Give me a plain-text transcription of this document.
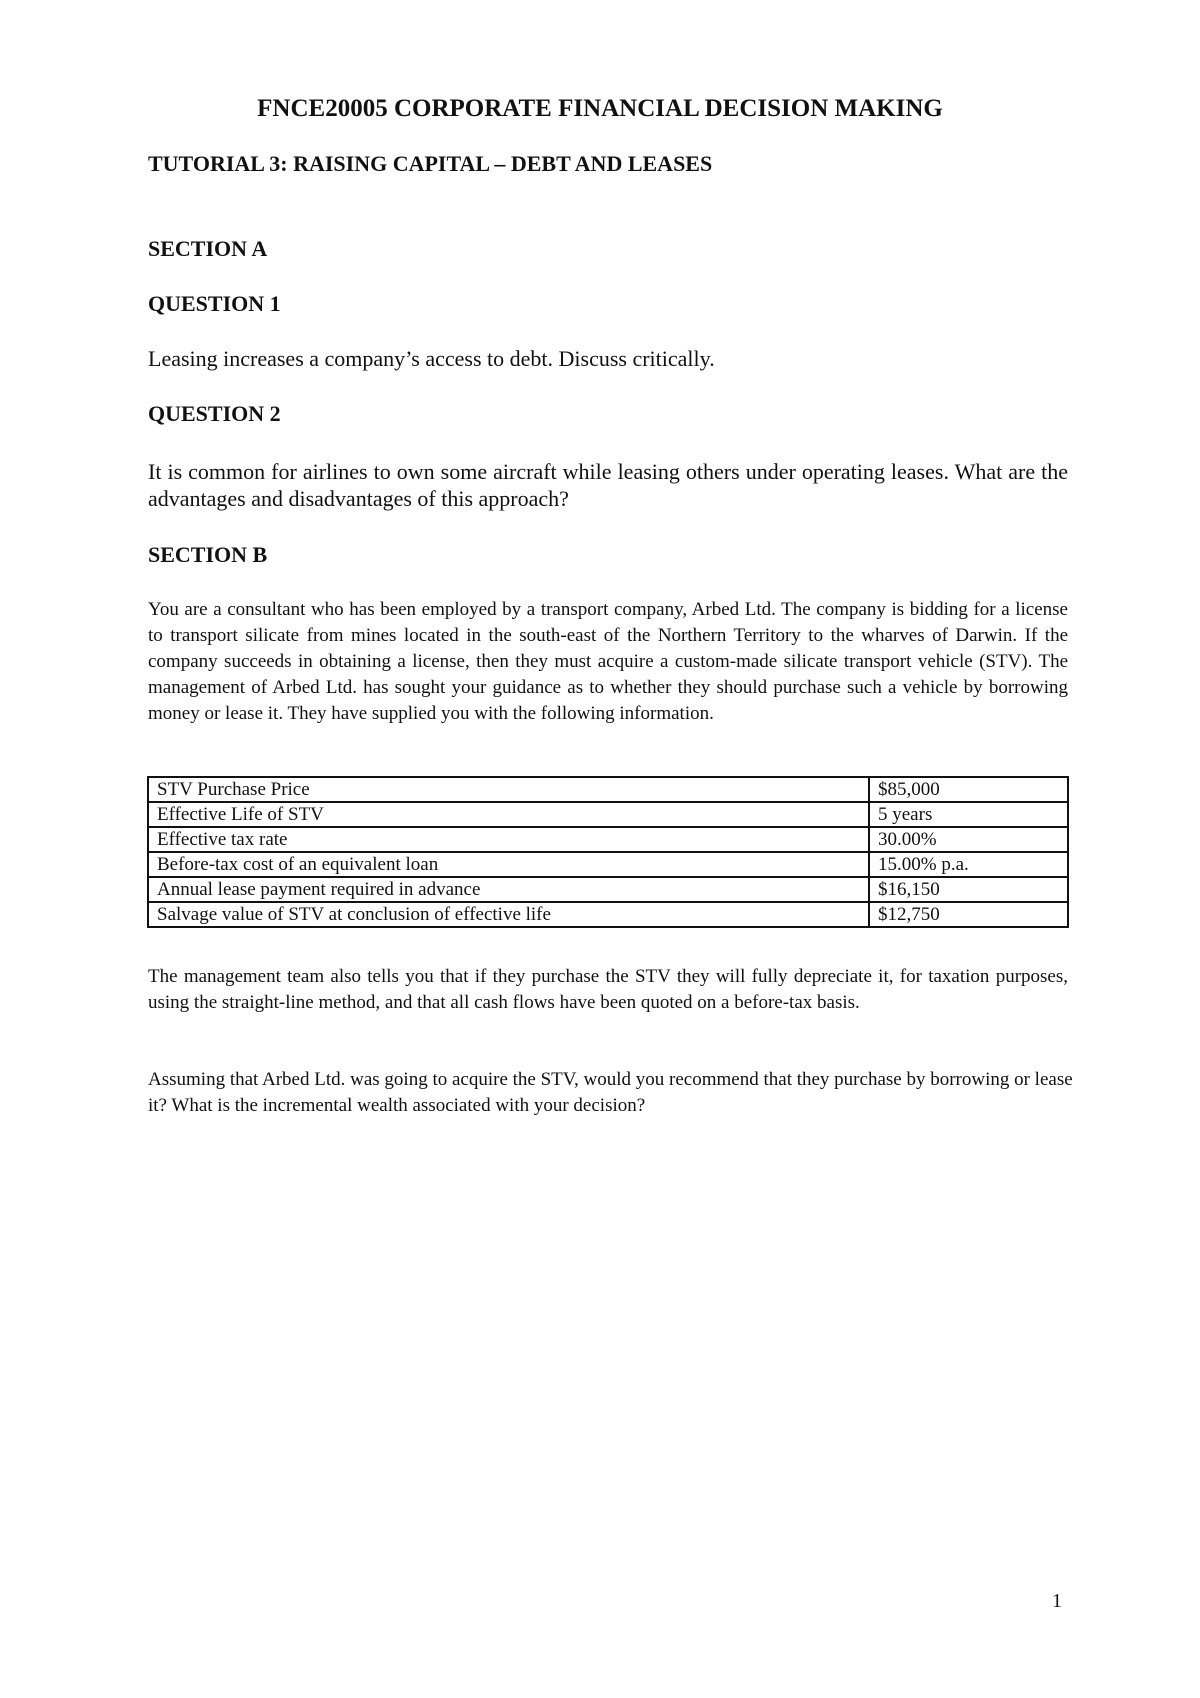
FNCE20005 CORPORATE FINANCIAL DECISION MAKING
TUTORIAL 3: RAISING CAPITAL – DEBT AND LEASES
SECTION A
QUESTION 1

Leasing increases a company’s access to debt. Discuss critically.

QUESTION 2

It is common for airlines to own some aircraft while leasing others under operating leases. What are the advantages and disadvantages of this approach?

SECTION B

You are a consultant who has been employed by a transport company, Arbed Ltd. The company is bidding for a license to transport silicate from mines located in the south-east of the Northern Territory to the wharves of Darwin. If the company succeeds in obtaining a license, then they must acquire a custom-made silicate transport vehicle (STV). The management of Arbed Ltd. has sought your guidance as to whether they should purchase such a vehicle by borrowing money or lease it. They have supplied you with the following information.

STV Purchase Price	$85,000
Effective Life of STV	5 years
Effective tax rate	30.00%
Before-tax cost of an equivalent loan	15.00% p.a.
Annual lease payment required in advance	$16,150
Salvage value of STV at conclusion of effective life	$12,750

The management team also tells you that if they purchase the STV they will fully depreciate it, for taxation purposes, using the straight-line method, and that all cash flows have been quoted on a before-tax basis.

Assuming that Arbed Ltd. was going to acquire the STV, would you recommend that they purchase by borrowing or lease it? What is the incremental wealth associated with your decision?

1
